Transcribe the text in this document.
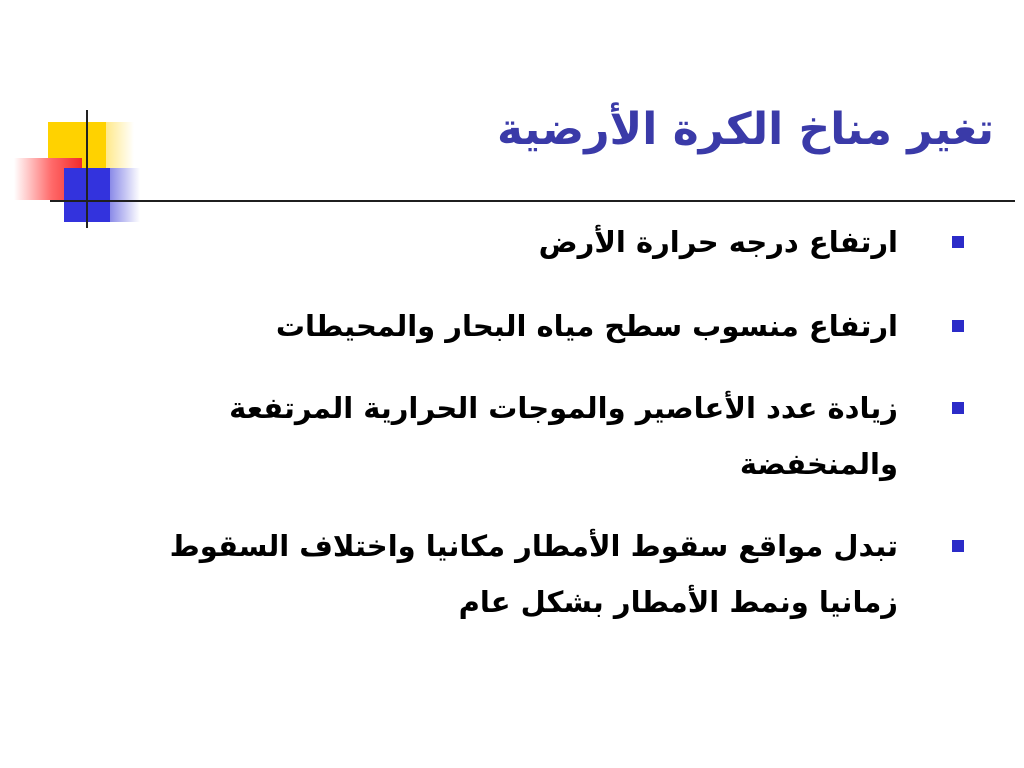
تغير مناخ الكرة الأرضية
ارتفاع درجه حرارة الأرض
ارتفاع منسوب سطح مياه البحار والمحيطات
زيادة عدد الأعاصير والموجات الحرارية المرتفعة والمنخفضة
تبدل مواقع سقوط الأمطار مكانيا واختلاف السقوط زمانيا ونمط الأمطار بشكل عام
